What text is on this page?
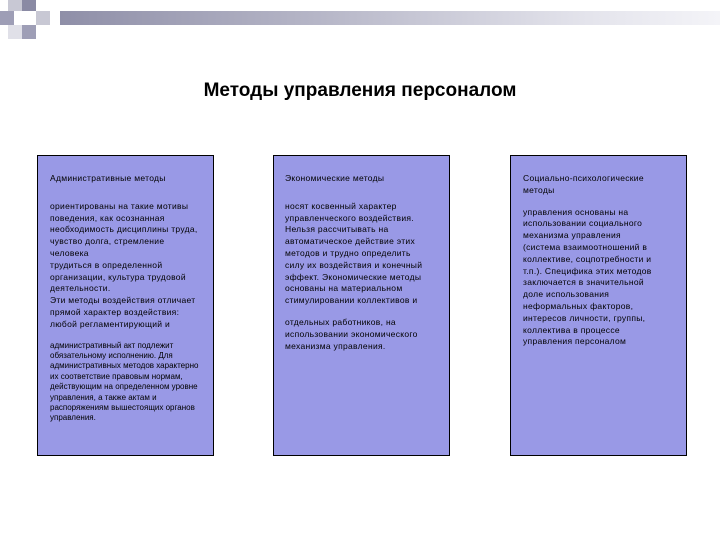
Методы управления персоналом
Административные методы
ориентированы на такие мотивы
поведения, как осознанная
необходимость дисциплины труда,
чувство долга, стремление человека
трудиться в определенной
организации, культура трудовой
деятельности.
Эти методы воздействия отличает
прямой характер воздействия:
любой регламентирующий и
административный акт подлежит
обязательному исполнению. Для
административных методов характерно
их соответствие правовым нормам,
действующим на определенном уровне
управления, а также актам и
распоряжениям вышестоящих органов
управления.
Экономические методы
носят косвенный характер
управленческого воздействия.
Нельзя рассчитывать на
автоматическое действие этих
методов и трудно определить
силу их воздействия и конечный
эффект. Экономические методы
основаны на материальном
стимулировании коллективов и
отдельных работников, на
использовании экономического
механизма управления.
Социально-психологические
методы
управления основаны на
использовании социального
механизма управления
(система взаимоотношений в
коллективе, соцпотребности и
т.п.). Специфика этих методов
заключается в значительной
доле использования
неформальных факторов,
интересов личности, группы,
коллектива в процессе
управления персоналом
